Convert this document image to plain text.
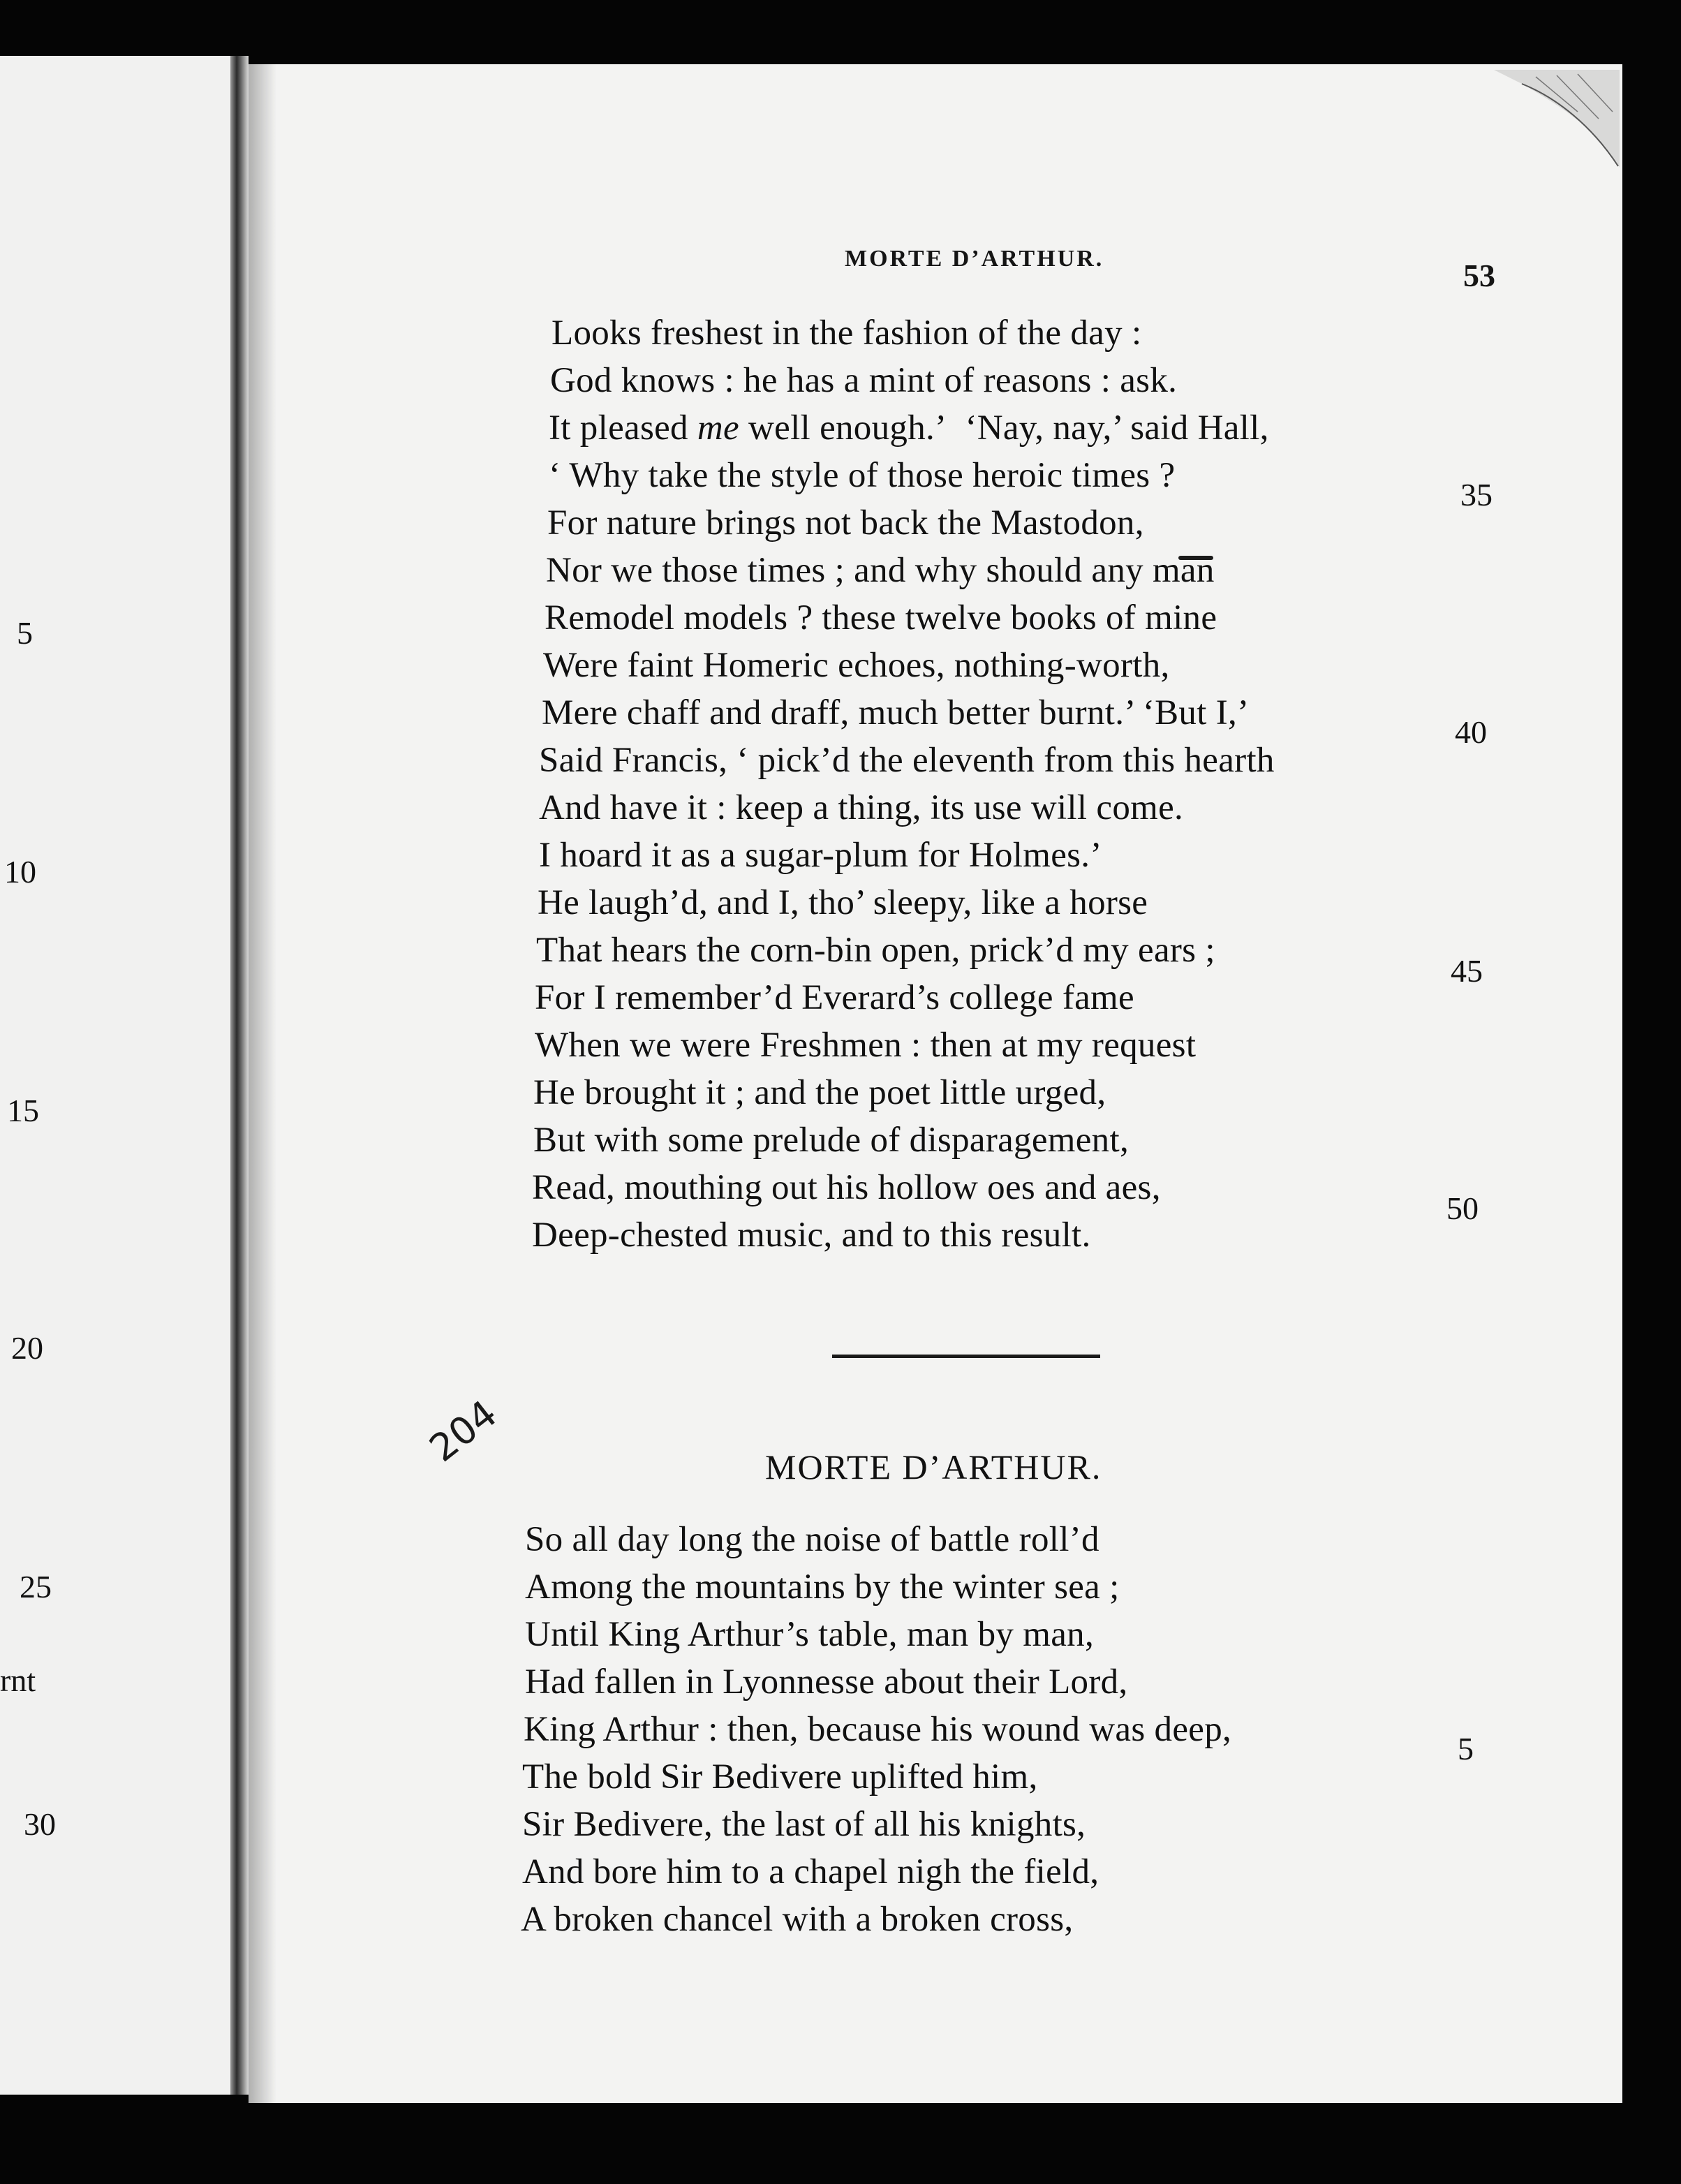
5
10
15
20
25
rnt
30
MORTE D’ARTHUR.	53
Looks freshest in the fashion of the day :
God knows : he has a mint of reasons : ask.
It pleased me well enough.’  ‘Nay, nay,’ said Hall,
‘ Why take the style of those heroic times ?
For nature brings not back the Mastodon,
Nor we those times ; and why should any man
Remodel models ? these twelve books of mine
Were faint Homeric echoes, nothing-worth,
Mere chaff and draff, much better burnt.’ ‘But I,’
Said Francis, ‘ pick’d the eleventh from this hearth
And have it : keep a thing, its use will come.
I hoard it as a sugar-plum for Holmes.’
He laugh’d, and I, tho’ sleepy, like a horse
That hears the corn-bin open, prick’d my ears ;
For I remember’d Everard’s college fame
When we were Freshmen : then at my request
He brought it ; and the poet little urged,
But with some prelude of disparagement,
Read, mouthing out his hollow oes and aes,
Deep-chested music, and to this result.
35
40
45
50
204	MORTE D’ARTHUR.
So all day long the noise of battle roll’d
Among the mountains by the winter sea ;
Until King Arthur’s table, man by man,
Had fallen in Lyonnesse about their Lord,
King Arthur : then, because his wound was deep,
The bold Sir Bedivere uplifted him,
Sir Bedivere, the last of all his knights,
And bore him to a chapel nigh the field,
A broken chancel with a broken cross,
5
